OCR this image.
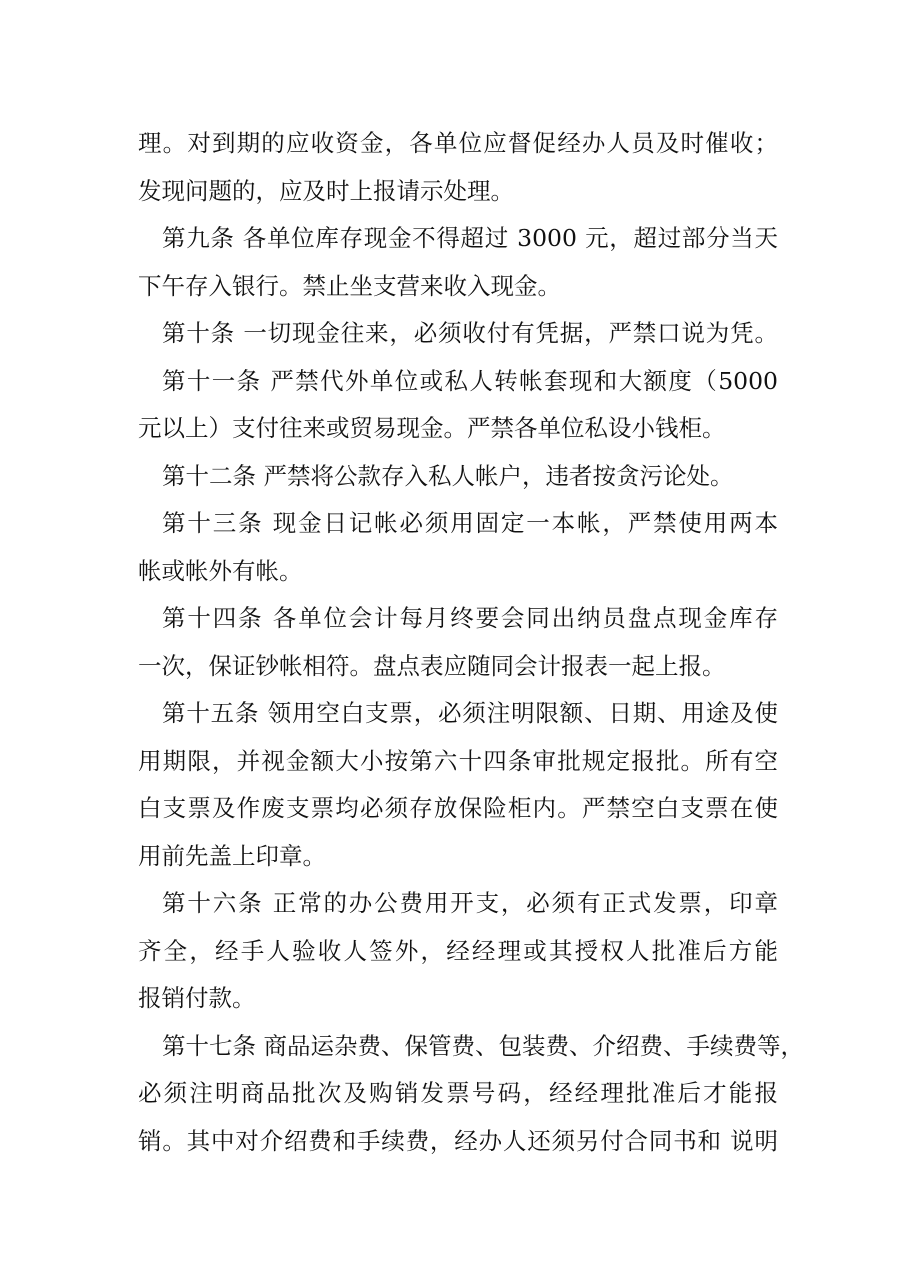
理。对到期的应收资金，各单位应督促经办人员及时催收；
发现问题的，应及时上报请示处理。
第九条 各单位库存现金不得超过 3000 元，超过部分当天
下午存入银行。禁止坐支营来收入现金。
第十条 一切现金往来，必须收付有凭据，严禁口说为凭。
第十一条 严禁代外单位或私人转帐套现和大额度（5000
元以上）支付往来或贸易现金。严禁各单位私设小钱柜。
第十二条 严禁将公款存入私人帐户，违者按贪污论处。
第十三条 现金日记帐必须用固定一本帐，严禁使用两本
帐或帐外有帐。
第十四条 各单位会计每月终要会同出纳员盘点现金库存
一次，保证钞帐相符。盘点表应随同会计报表一起上报。
第十五条 领用空白支票，必须注明限额、日期、用途及使
用期限，并视金额大小按第六十四条审批规定报批。所有空
白支票及作废支票均必须存放保险柜内。严禁空白支票在使
用前先盖上印章。
第十六条 正常的办公费用开支，必须有正式发票，印章
齐全，经手人验收人签外，经经理或其授权人批准后方能
报销付款。
第十七条 商品运杂费、保管费、包装费、介绍费、手续费等，
必须注明商品批次及购销发票号码，经经理批准后才能报
销。其中对介绍费和手续费，经办人还须另付合同书和 说明
